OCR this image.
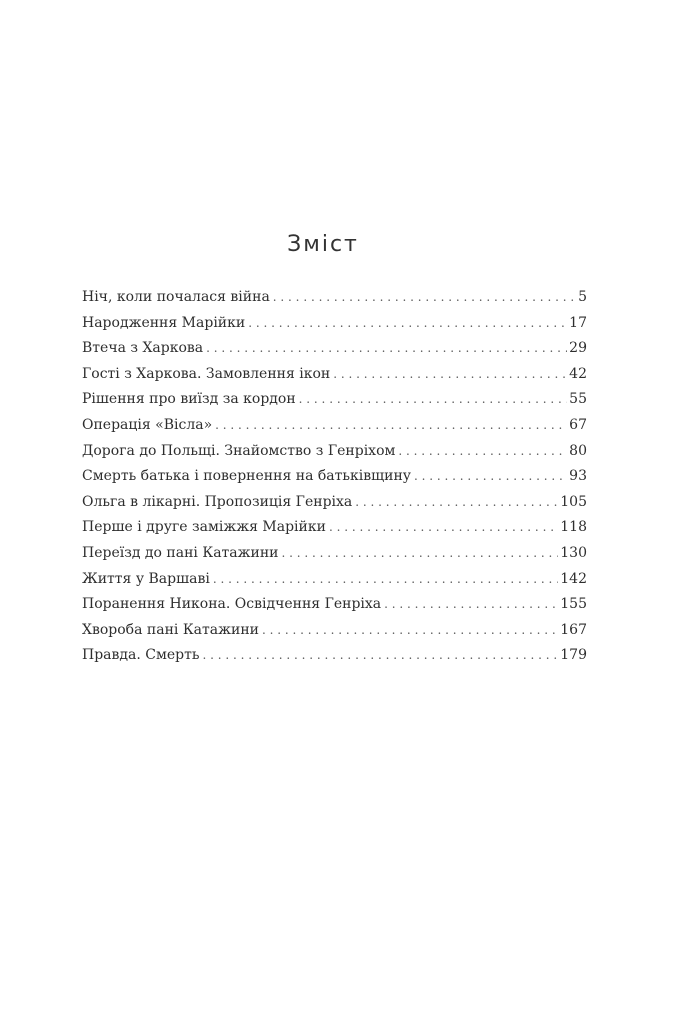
Зміст
Ніч, коли почалася війна . . .	5
Народження Марійки . . .	17
Втеча з Харкова . . .	29
Гості з Харкова. Замовлення ікон . . .	42
Рішення про виїзд за кордон . . .	55
Операція «Вісла» . . .	67
Дорога до Польщі. Знайомство з Генріхом . . .	80
Смерть батька і повернення на батьківщину . . .	93
Ольга в лікарні. Пропозиція Генріха . . .	105
Перше і друге заміжжя Марійки . . .	118
Переїзд до пані Катажини . . .	130
Життя у Варшаві . . .	142
Поранення Никона. Освідчення Генріха . . .	155
Хвороба пані Катажини . . .	167
Правда. Смерть . . .	179
